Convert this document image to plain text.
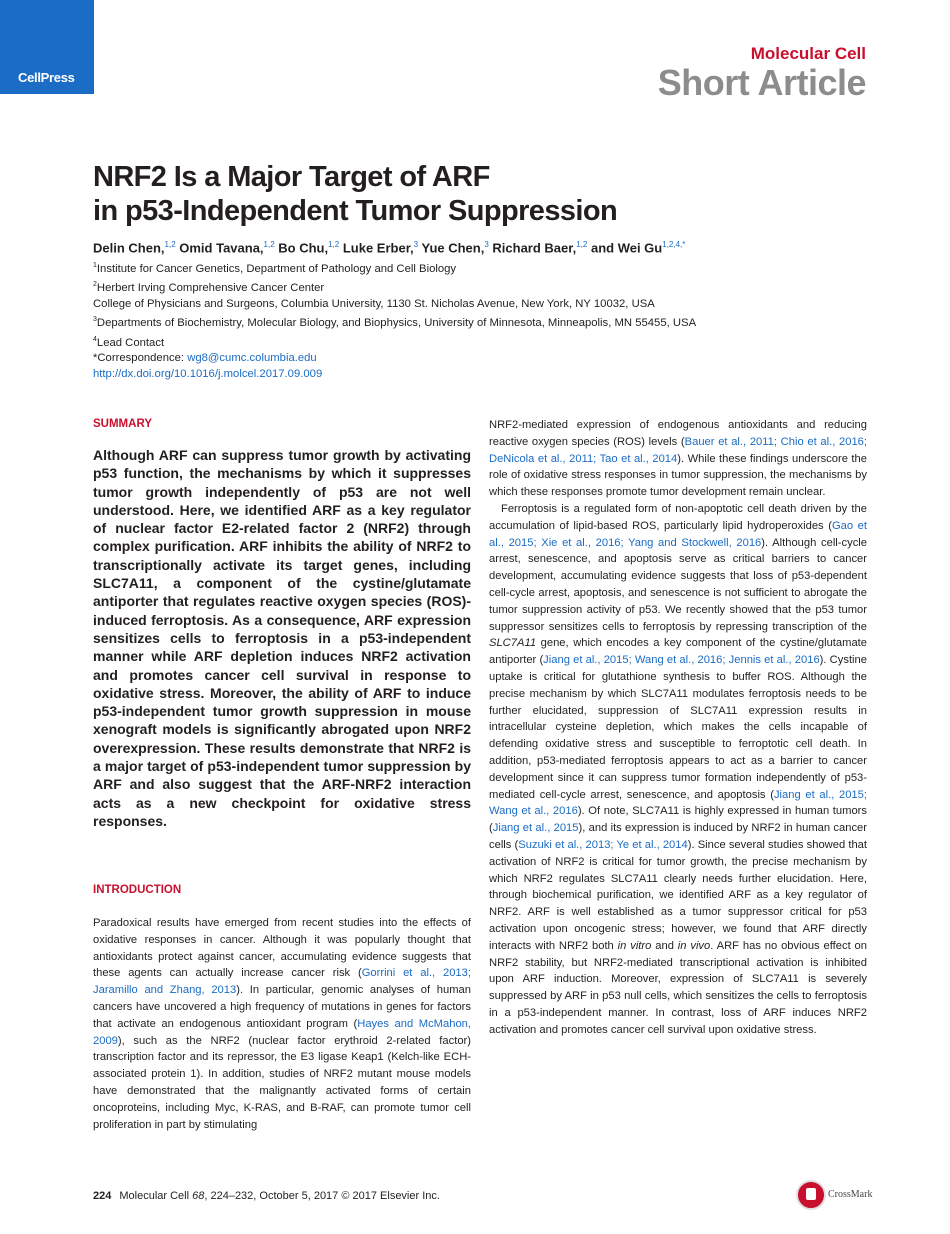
CellPress
Molecular Cell
Short Article
NRF2 Is a Major Target of ARF
in p53-Independent Tumor Suppression
Delin Chen,$^{1,2}$ Omid Tavana,$^{1,2}$ Bo Chu,$^{1,2}$ Luke Erber,$^3$ Yue Chen,$^3$ Richard Baer,$^{1,2}$ and Wei $Gu^{1,2,4,*}$
$^1$Institute for Cancer Genetics, Department of Pathology and Cell Biology
$^2$Herbert Irving Comprehensive Cancer Center
College of Physicians and Surgeons, Columbia University, 1130 St. Nicholas Avenue, New York, NY 10032, USA
$^3$Departments of Biochemistry, Molecular Biology, and Biophysics, University of Minnesota, Minneapolis, MN 55455, USA
$^4$Lead Contact
*Correspondence: wg8@cumc.columbia.edu
http://dx.doi.org/10.1016/j.molcel.2017.09.009
SUMMARY
Although ARF can suppress tumor growth by activating p53 function, the mechanisms by which it suppresses tumor growth independently of p53 are not well understood. Here, we identified ARF as a key regulator of nuclear factor E2-related factor 2 (NRF2) through complex purification. ARF inhibits the ability of NRF2 to transcriptionally activate its target genes, including SLC7A11, a component of the cystine/glutamate antiporter that regulates reactive oxygen species (ROS)-induced ferroptosis. As a consequence, ARF expression sensitizes cells to ferroptosis in a p53-independent manner while ARF depletion induces NRF2 activation and promotes cancer cell survival in response to oxidative stress. Moreover, the ability of ARF to induce p53-independent tumor growth suppression in mouse xenograft models is significantly abrogated upon NRF2 overexpression. These results demonstrate that NRF2 is a major target of p53-independent tumor suppression by ARF and also suggest that the ARF-NRF2 interaction acts as a new checkpoint for oxidative stress responses.
INTRODUCTION

Paradoxical results have emerged from recent studies into the effects of oxidative responses in cancer. Although it was popularly thought that antioxidants protect against cancer, accumulating evidence suggests that these agents can actually increase cancer risk (Gorrini et al., 2013; Jaramillo and Zhang, 2013). In particular, genomic analyses of human cancers have uncovered a high frequency of mutations in genes for factors that activate an endogenous antioxidant program (Hayes and McMahon, 2009), such as the NRF2 (nuclear factor erythroid 2-related factor) transcription factor and its repressor, the E3 ligase Keap1 (Kelch-like ECH-associated protein 1). In addition, studies of NRF2 mutant mouse models have demonstrated that the malignantly activated forms of certain oncoproteins, including Myc, K-RAS, and B-RAF, can promote tumor cell proliferation in part by stimulating

NRF2-mediated expression of endogenous antioxidants and reducing reactive oxygen species (ROS) levels (Bauer et al., 2011; Chio et al., 2016; DeNicola et al., 2011; Tao et al., 2014). While these findings underscore the role of oxidative stress responses in tumor suppression, the mechanisms by which these responses promote tumor development remain unclear.

Ferroptosis is a regulated form of non-apoptotic cell death driven by the accumulation of lipid-based ROS, particularly lipid hydroperoxides (Gao et al., 2015; Xie et al., 2016; Yang and Stockwell, 2016). Although cell-cycle arrest, senescence, and apoptosis serve as critical barriers to cancer development, accumulating evidence suggests that loss of p53-dependent cell-cycle arrest, apoptosis, and senescence is not sufficient to abrogate the tumor suppression activity of p53. We recently showed that the p53 tumor suppressor sensitizes cells to ferroptosis by repressing transcription of the SLC7A11 gene, which encodes a key component of the cystine/glutamate antiporter (Jiang et al., 2015; Wang et al., 2016; Jennis et al., 2016). Cystine uptake is critical for glutathione synthesis to buffer ROS. Although the precise mechanism by which SLC7A11 modulates ferroptosis needs to be further elucidated, suppression of SLC7A11 expression results in intracellular cysteine depletion, which makes the cells incapable of defending oxidative stress and susceptible to ferroptotic cell death. In addition, p53-mediated ferroptosis appears to act as a barrier to cancer development since it can suppress tumor formation independently of p53-mediated cell-cycle arrest, senescence, and apoptosis (Jiang et al., 2015; Wang et al., 2016). Of note, SLC7A11 is highly expressed in human tumors (Jiang et al., 2015), and its expression is induced by NRF2 in human cancer cells (Suzuki et al., 2013; Ye et al., 2014). Since several studies showed that activation of NRF2 is critical for tumor growth, the precise mechanism by which NRF2 regulates SLC7A11 clearly needs further elucidation. Here, through biochemical purification, we identified ARF as a key regulator of NRF2. ARF is well established as a tumor suppressor critical for p53 activation upon oncogenic stress; however, we found that ARF directly interacts with NRF2 both in vitro and in vivo. ARF has no obvious effect on NRF2 stability, but NRF2-mediated transcriptional activation is inhibited upon ARF induction. Moreover, expression of SLC7A11 is severely suppressed by ARF in p53 null cells, which sensitizes the cells to ferroptosis in a p53-independent manner. In contrast, loss of ARF induces NRF2 activation and promotes cancer cell survival upon oxidative stress.

224 Molecular Cell 68, 224–232, October 5, 2017 © 2017 Elsevier Inc.	CrossMark
